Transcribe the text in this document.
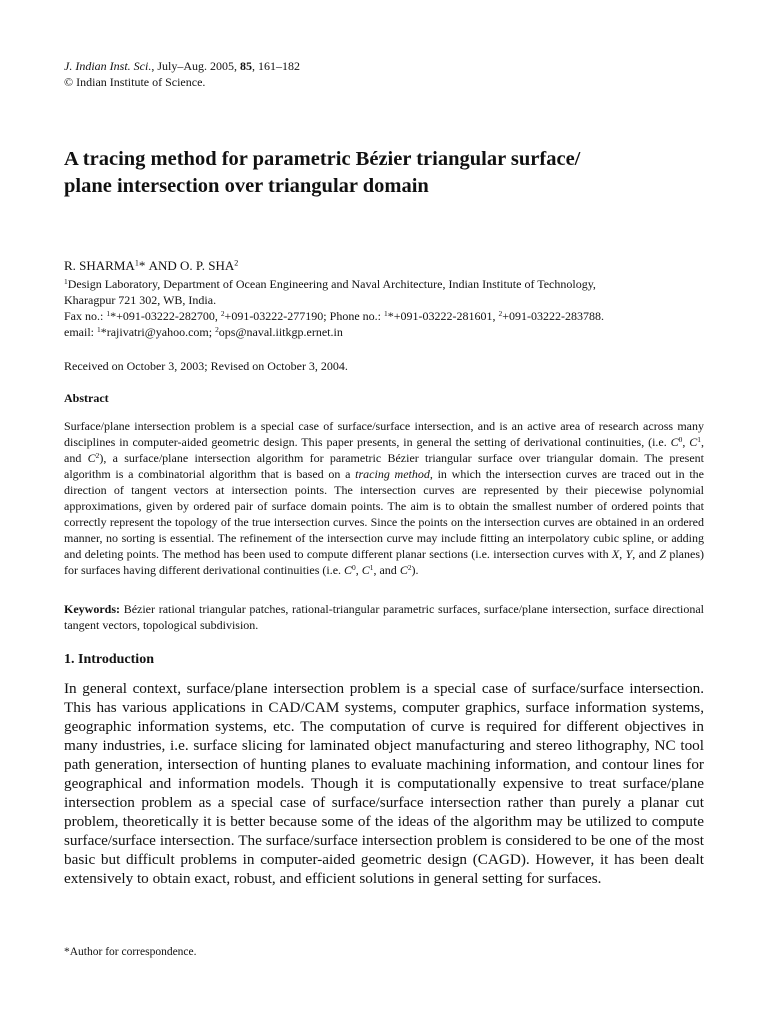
J. Indian Inst. Sci., July–Aug. 2005, 85, 161–182
© Indian Institute of Science.
A tracing method for parametric Bézier triangular surface/
plane intersection over triangular domain
R. SHARMA$^1$* AND O. P. SHA$^2$
$^1$Design Laboratory, Department of Ocean Engineering and Naval Architecture, Indian Institute of Technology,
Kharagpur 721 302, WB, India.
Fax no.: $^1$*+091-03222-282700, $^2$+091-03222-277190; Phone no.: $^1$*+091-03222-281601, $^2$+091-03222-283788.
email: $^1$*rajivatri@yahoo.com; $^2$ops@naval.iitkgp.ernet.in
Received on October 3, 2003; Revised on October 3, 2004.
Abstract
Surface/plane intersection problem is a special case of surface/surface intersection, and is an active area of research across many disciplines in computer-aided geometric design. This paper presents, in general the setting of derivational continuities, (i.e. $C^0$, $C^1$, and $C^2$), a surface/plane intersection algorithm for parametric Bézier triangular surface over triangular domain. The present algorithm is a combinatorial algorithm that is based on a tracing method, in which the intersection curves are traced out in the direction of tangent vectors at intersection points. The intersection curves are represented by their piecewise polynomial approximations, given by ordered pair of surface domain points. The aim is to obtain the smallest number of ordered points that correctly represent the topology of the true intersection curves. Since the points on the intersection curves are obtained in an ordered manner, no sorting is essential. The refinement of the intersection curve may include fitting an interpolatory cubic spline, or adding and deleting points. The method has been used to compute different planar sections (i.e. intersection curves with X, Y, and Z planes) for surfaces having different derivational continuities (i.e. $C^0$, $C^1$, and $C^2$).
Keywords: Bézier rational triangular patches, rational-triangular parametric surfaces, surface/plane intersection, surface directional tangent vectors, topological subdivision.
1. Introduction
In general context, surface/plane intersection problem is a special case of surface/surface intersection. This has various applications in CAD/CAM systems, computer graphics, surface information systems, geographic information systems, etc. The computation of curve is required for different objectives in many industries, i.e. surface slicing for laminated object manufacturing and stereo lithography, NC tool path generation, intersection of hunting planes to evaluate machining information, and contour lines for geographical and information models. Though it is computationally expensive to treat surface/plane intersection problem as a special case of surface/surface intersection rather than purely a planar cut problem, theoretically it is better because some of the ideas of the algorithm may be utilized to compute surface/surface intersection. The surface/surface intersection problem is considered to be one of the most basic but difficult problems in computer-aided geometric design (CAGD). However, it has been dealt extensively to obtain exact, robust, and efficient solutions in general setting for surfaces.
*Author for correspondence.
